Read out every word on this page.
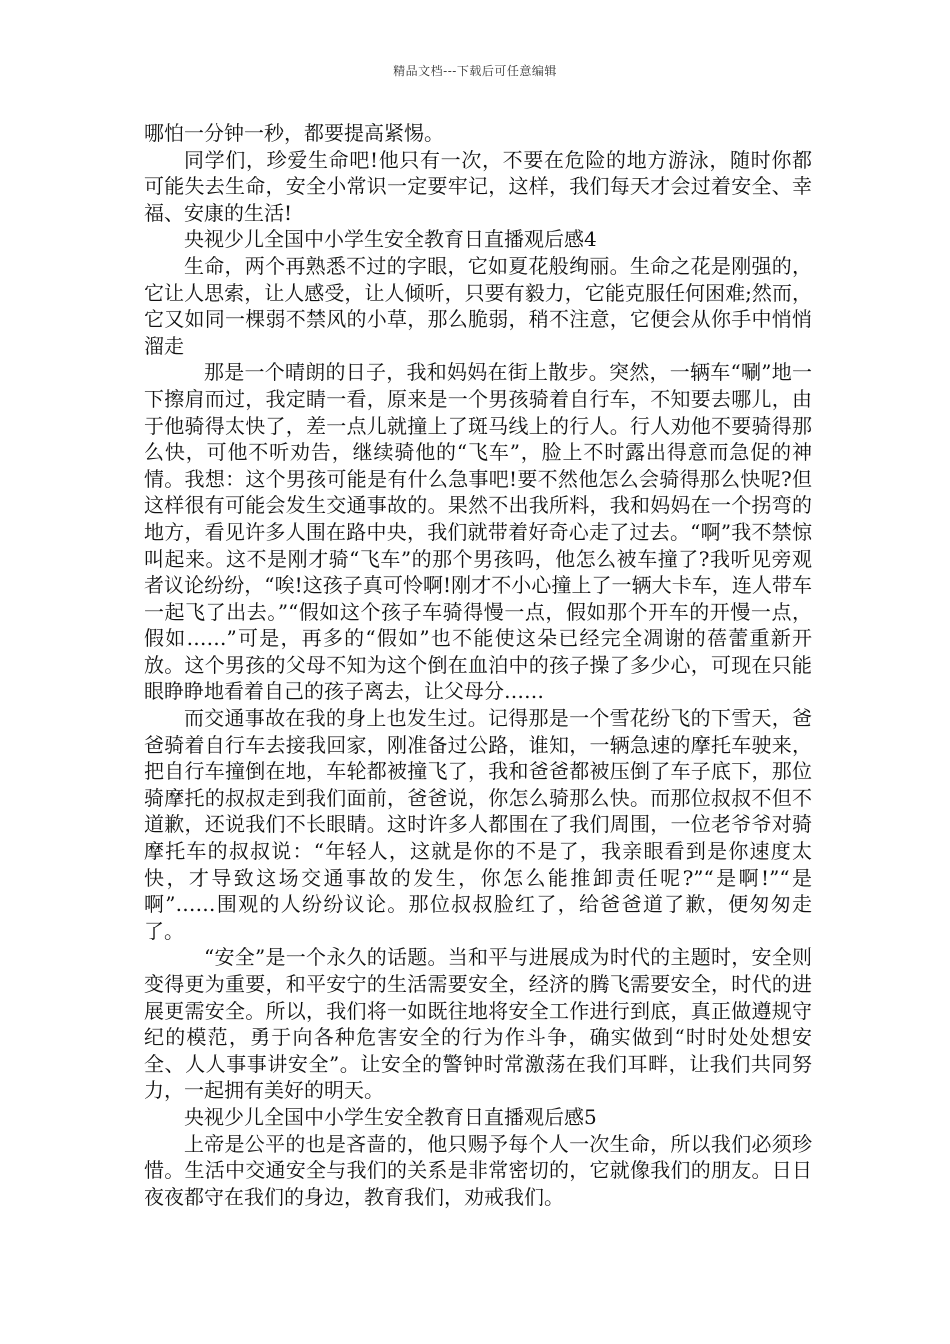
精品文档---下载后可任意编辑

哪怕一分钟一秒，都要提高紧惕。

同学们，珍爱生命吧!他只有一次，不要在危险的地方游泳，随时你都可能失去生命，安全小常识一定要牢记，这样，我们每天才会过着安全、幸福、安康的生活!

央视少儿全国中小学生安全教育日直播观后感4

生命，两个再熟悉不过的字眼，它如夏花般绚丽。生命之花是刚强的，它让人思索，让人感受，让人倾听，只要有毅力，它能克服任何困难;然而，它又如同一棵弱不禁风的小草，那么脆弱，稍不注意，它便会从你手中悄悄溜走

那是一个晴朗的日子，我和妈妈在街上散步。突然，一辆车“唰”地一下擦肩而过，我定睛一看，原来是一个男孩骑着自行车，不知要去哪儿，由于他骑得太快了，差一点儿就撞上了斑马线上的行人。行人劝他不要骑得那么快，可他不听劝告，继续骑他的“飞车”，脸上不时露出得意而急促的神情。我想：这个男孩可能是有什么急事吧!要不然他怎么会骑得那么快呢?但这样很有可能会发生交通事故的。果然不出我所料，我和妈妈在一个拐弯的地方，看见许多人围在路中央，我们就带着好奇心走了过去。“啊”我不禁惊叫起来。这不是刚才骑“飞车”的那个男孩吗，他怎么被车撞了?我听见旁观者议论纷纷，“唉!这孩子真可怜啊!刚才不小心撞上了一辆大卡车，连人带车一起飞了出去。”“假如这个孩子车骑得慢一点，假如那个开车的开慢一点，假如……”可是，再多的“假如”也不能使这朵已经完全凋谢的蓓蕾重新开放。这个男孩的父母不知为这个倒在血泊中的孩子操了多少心，可现在只能眼睁睁地看着自己的孩子离去，让父母分……

而交通事故在我的身上也发生过。记得那是一个雪花纷飞的下雪天，爸爸骑着自行车去接我回家，刚准备过公路，谁知，一辆急速的摩托车驶来，把自行车撞倒在地，车轮都被撞飞了，我和爸爸都被压倒了车子底下，那位骑摩托的叔叔走到我们面前，爸爸说，你怎么骑那么快。而那位叔叔不但不道歉，还说我们不长眼睛。这时许多人都围在了我们周围，一位老爷爷对骑摩托车的叔叔说：“年轻人，这就是你的不是了，我亲眼看到是你速度太快，才导致这场交通事故的发生，你怎么能推卸责任呢?”“是啊!”“是啊”……围观的人纷纷议论。那位叔叔脸红了，给爸爸道了歉，便匆匆走了。

“安全”是一个永久的话题。当和平与进展成为时代的主题时，安全则变得更为重要，和平安宁的生活需要安全，经济的腾飞需要安全，时代的进展更需安全。所以，我们将一如既往地将安全工作进行到底，真正做遵规守纪的模范，勇于向各种危害安全的行为作斗争，确实做到“时时处处想安全、人人事事讲安全”。让安全的警钟时常激荡在我们耳畔，让我们共同努力，一起拥有美好的明天。

央视少儿全国中小学生安全教育日直播观后感5

上帝是公平的也是吝啬的，他只赐予每个人一次生命，所以我们必须珍惜。生活中交通安全与我们的关系是非常密切的，它就像我们的朋友。日日夜夜都守在我们的身边，教育我们，劝戒我们。
